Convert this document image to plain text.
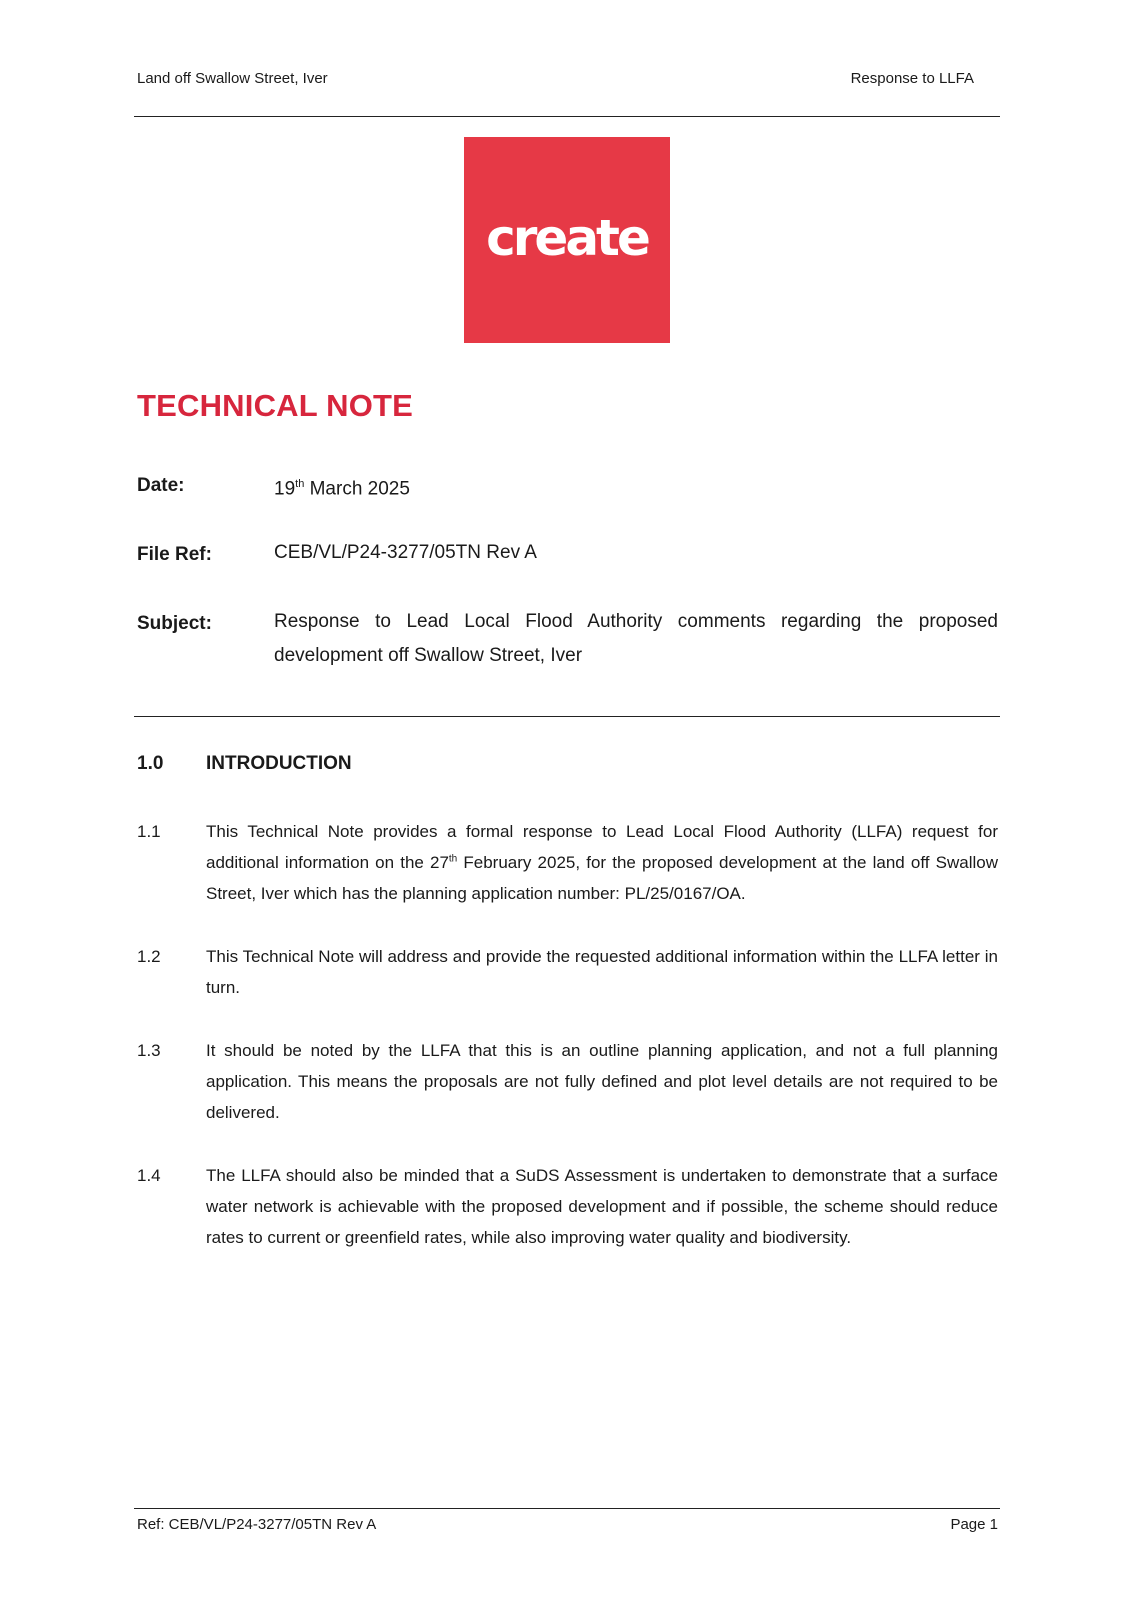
Land off Swallow Street, Iver	Response to LLFA
create
TECHNICAL NOTE
Date:	19th March 2025
File Ref:	CEB/VL/P24-3277/05TN Rev A
Subject:	Response to Lead Local Flood Authority comments regarding the proposed development off Swallow Street, Iver
1.0 INTRODUCTION
1.1	This Technical Note provides a formal response to Lead Local Flood Authority (LLFA) request for additional information on the 27th February 2025, for the proposed development at the land off Swallow Street, Iver which has the planning application number: PL/25/0167/OA.
1.2	This Technical Note will address and provide the requested additional information within the LLFA letter in turn.
1.3	It should be noted by the LLFA that this is an outline planning application, and not a full planning application. This means the proposals are not fully defined and plot level details are not required to be delivered.
1.4	The LLFA should also be minded that a SuDS Assessment is undertaken to demonstrate that a surface water network is achievable with the proposed development and if possible, the scheme should reduce rates to current or greenfield rates, while also improving water quality and biodiversity.
Ref: CEB/VL/P24-3277/05TN Rev A	Page 1
